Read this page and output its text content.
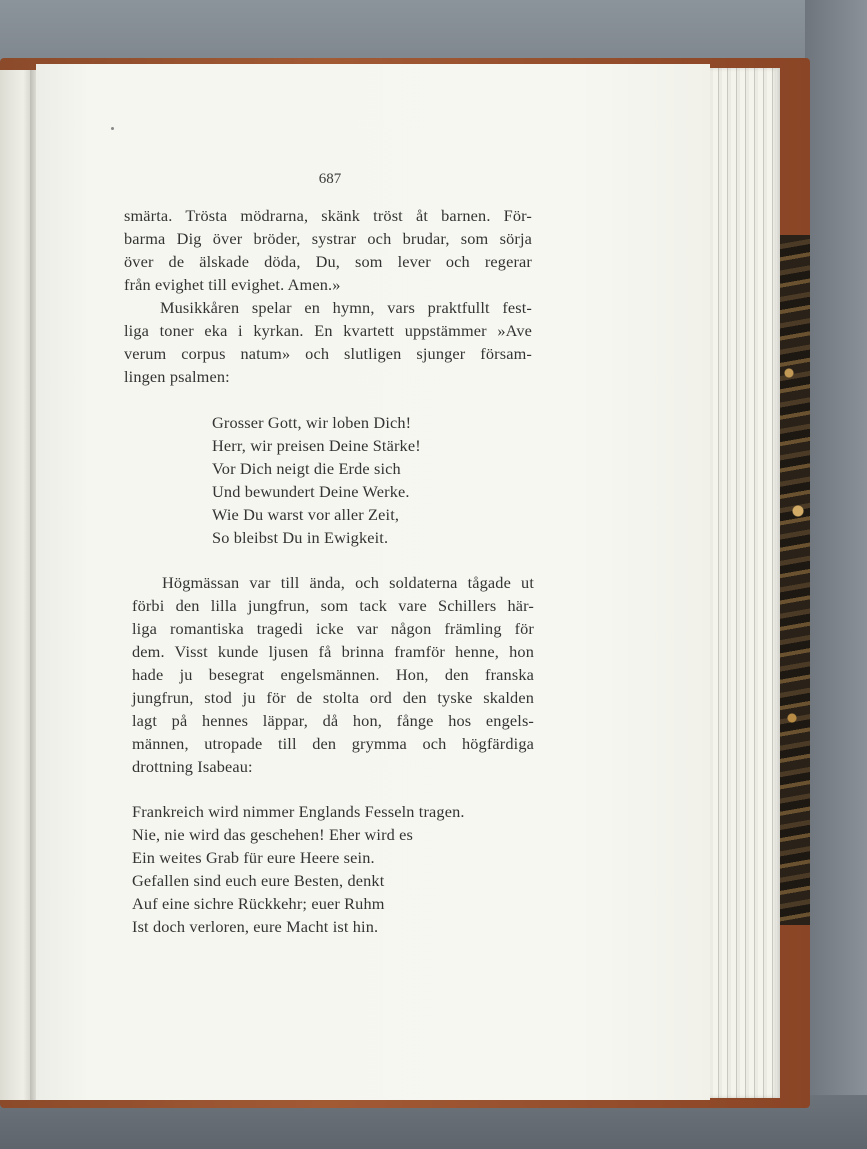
687
smärta. Trösta mödrarna, skänk tröst åt barnen. För-
barma Dig över bröder, systrar och brudar, som sörja
över de älskade döda, Du, som lever och regerar
från evighet till evighet. Amen.»
Musikkåren spelar en hymn, vars praktfullt fest-
liga toner eka i kyrkan. En kvartett uppstämmer »Ave
verum corpus natum» och slutligen sjunger försam-
lingen psalmen:
Grosser Gott, wir loben Dich!
Herr, wir preisen Deine Stärke!
Vor Dich neigt die Erde sich
Und bewundert Deine Werke.
Wie Du warst vor aller Zeit,
So bleibst Du in Ewigkeit.
Högmässan var till ända, och soldaterna tågade ut
förbi den lilla jungfrun, som tack vare Schillers här-
liga romantiska tragedi icke var någon främling för
dem. Visst kunde ljusen få brinna framför henne, hon
hade ju besegrat engelsmännen. Hon, den franska
jungfrun, stod ju för de stolta ord den tyske skalden
lagt på hennes läppar, då hon, fånge hos engels-
männen, utropade till den grymma och högfärdiga
drottning Isabeau:
Frankreich wird nimmer Englands Fesseln tragen.
Nie, nie wird das geschehen! Eher wird es
Ein weites Grab für eure Heere sein.
Gefallen sind euch eure Besten, denkt
Auf eine sichre Rückkehr; euer Ruhm
Ist doch verloren, eure Macht ist hin.
